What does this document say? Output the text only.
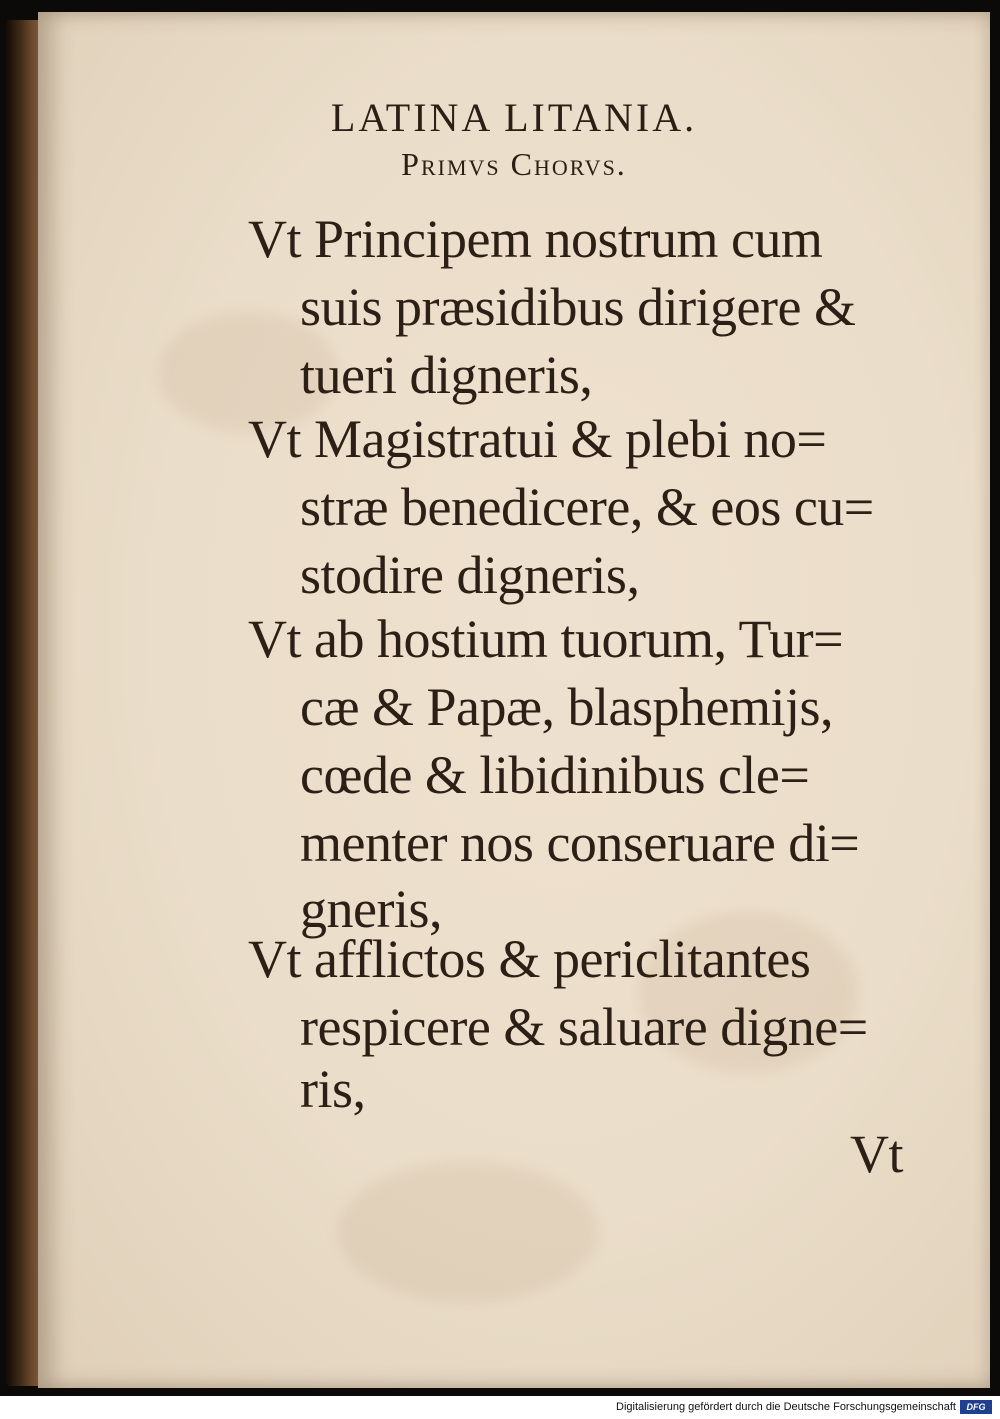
LATINA LITANIA.
Primvs Chorvs.
Vt Principem nostrum cum
suis præsidibus dirigere &
tueri digneris,
Vt Magistratui & plebi no=
stræ benedicere, & eos cu=
stodire digneris,
Vt ab hostium tuorum, Tur=
cæ & Papæ, blasphemijs,
cœde & libidinibus cle=
menter nos conseruare di=
gneris,
Vt afflictos & periclitantes
respicere & saluare digne=
ris,
Vt
Digitalisierung gefördert durch die Deutsche Forschungsgemeinschaft	DFG
